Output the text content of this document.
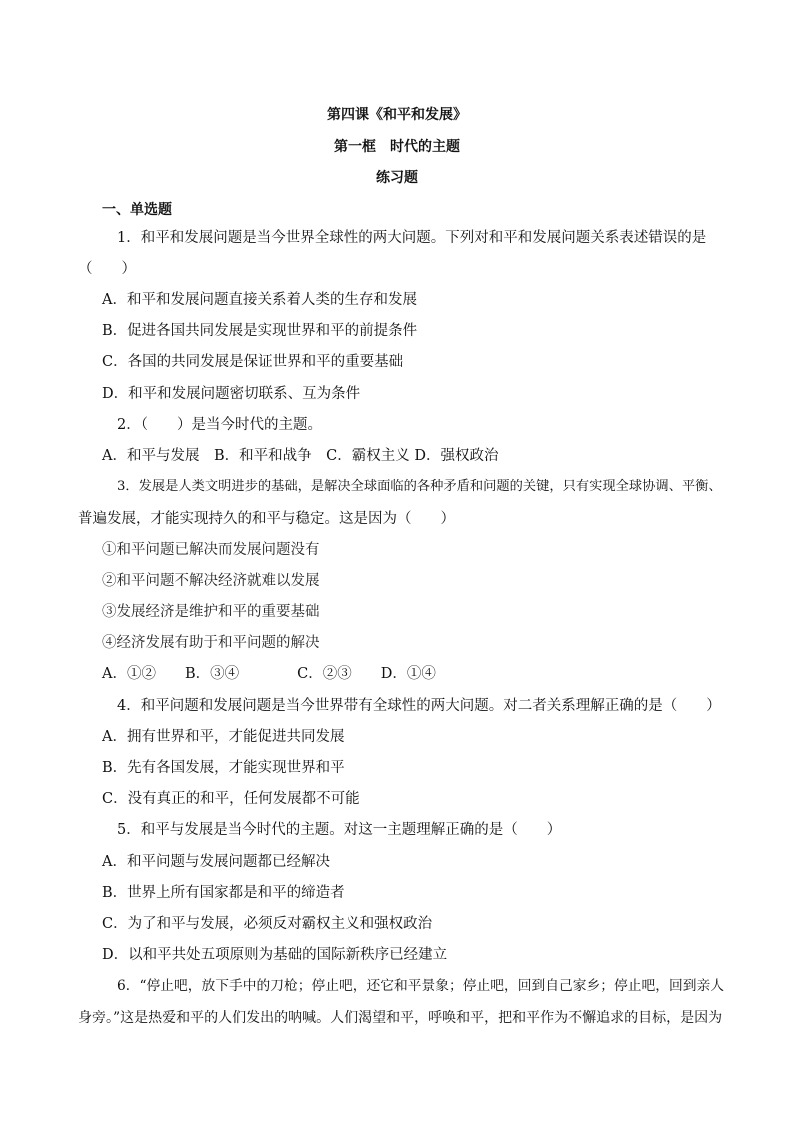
第四课《和平和发展》
第一框　时代的主题
练习题
一、单选题
1．和平和发展问题是当今世界全球性的两大问题。下列对和平和发展问题关系表述错误的是
（　　）
A．和平和发展问题直接关系着人类的生存和发展
B．促进各国共同发展是实现世界和平的前提条件
C．各国的共同发展是保证世界和平的重要基础
D．和平和发展问题密切联系、互为条件
2．（　　）是当今时代的主题。
A．和平与发展　B．和平和战争　C．霸权主义 D．强权政治
3．发展是人类文明进步的基础，是解决全球面临的各种矛盾和问题的关键，只有实现全球协调、平衡、
普遍发展，才能实现持久的和平与稳定。这是因为（　　）
①和平问题已解决而发展问题没有
②和平问题不解决经济就难以发展
③发展经济是维护和平的重要基础
④经济发展有助于和平问题的解决
A．①②　　B．③④　　　　C．②③　　D．①④
4．和平问题和发展问题是当今世界带有全球性的两大问题。对二者关系理解正确的是（　　）
A．拥有世界和平，才能促进共同发展
B．先有各国发展，才能实现世界和平
C．没有真正的和平，任何发展都不可能
5．和平与发展是当今时代的主题。对这一主题理解正确的是（　　）
A．和平问题与发展问题都已经解决
B．世界上所有国家都是和平的缔造者
C．为了和平与发展，必须反对霸权主义和强权政治
D．以和平共处五项原则为基础的国际新秩序已经建立
6．“停止吧，放下手中的刀枪；停止吧，还它和平景象；停止吧，回到自己家乡；停止吧，回到亲人
身旁。”这是热爱和平的人们发出的呐喊。人们渴望和平，呼唤和平，把和平作为不懈追求的目标，是因为
